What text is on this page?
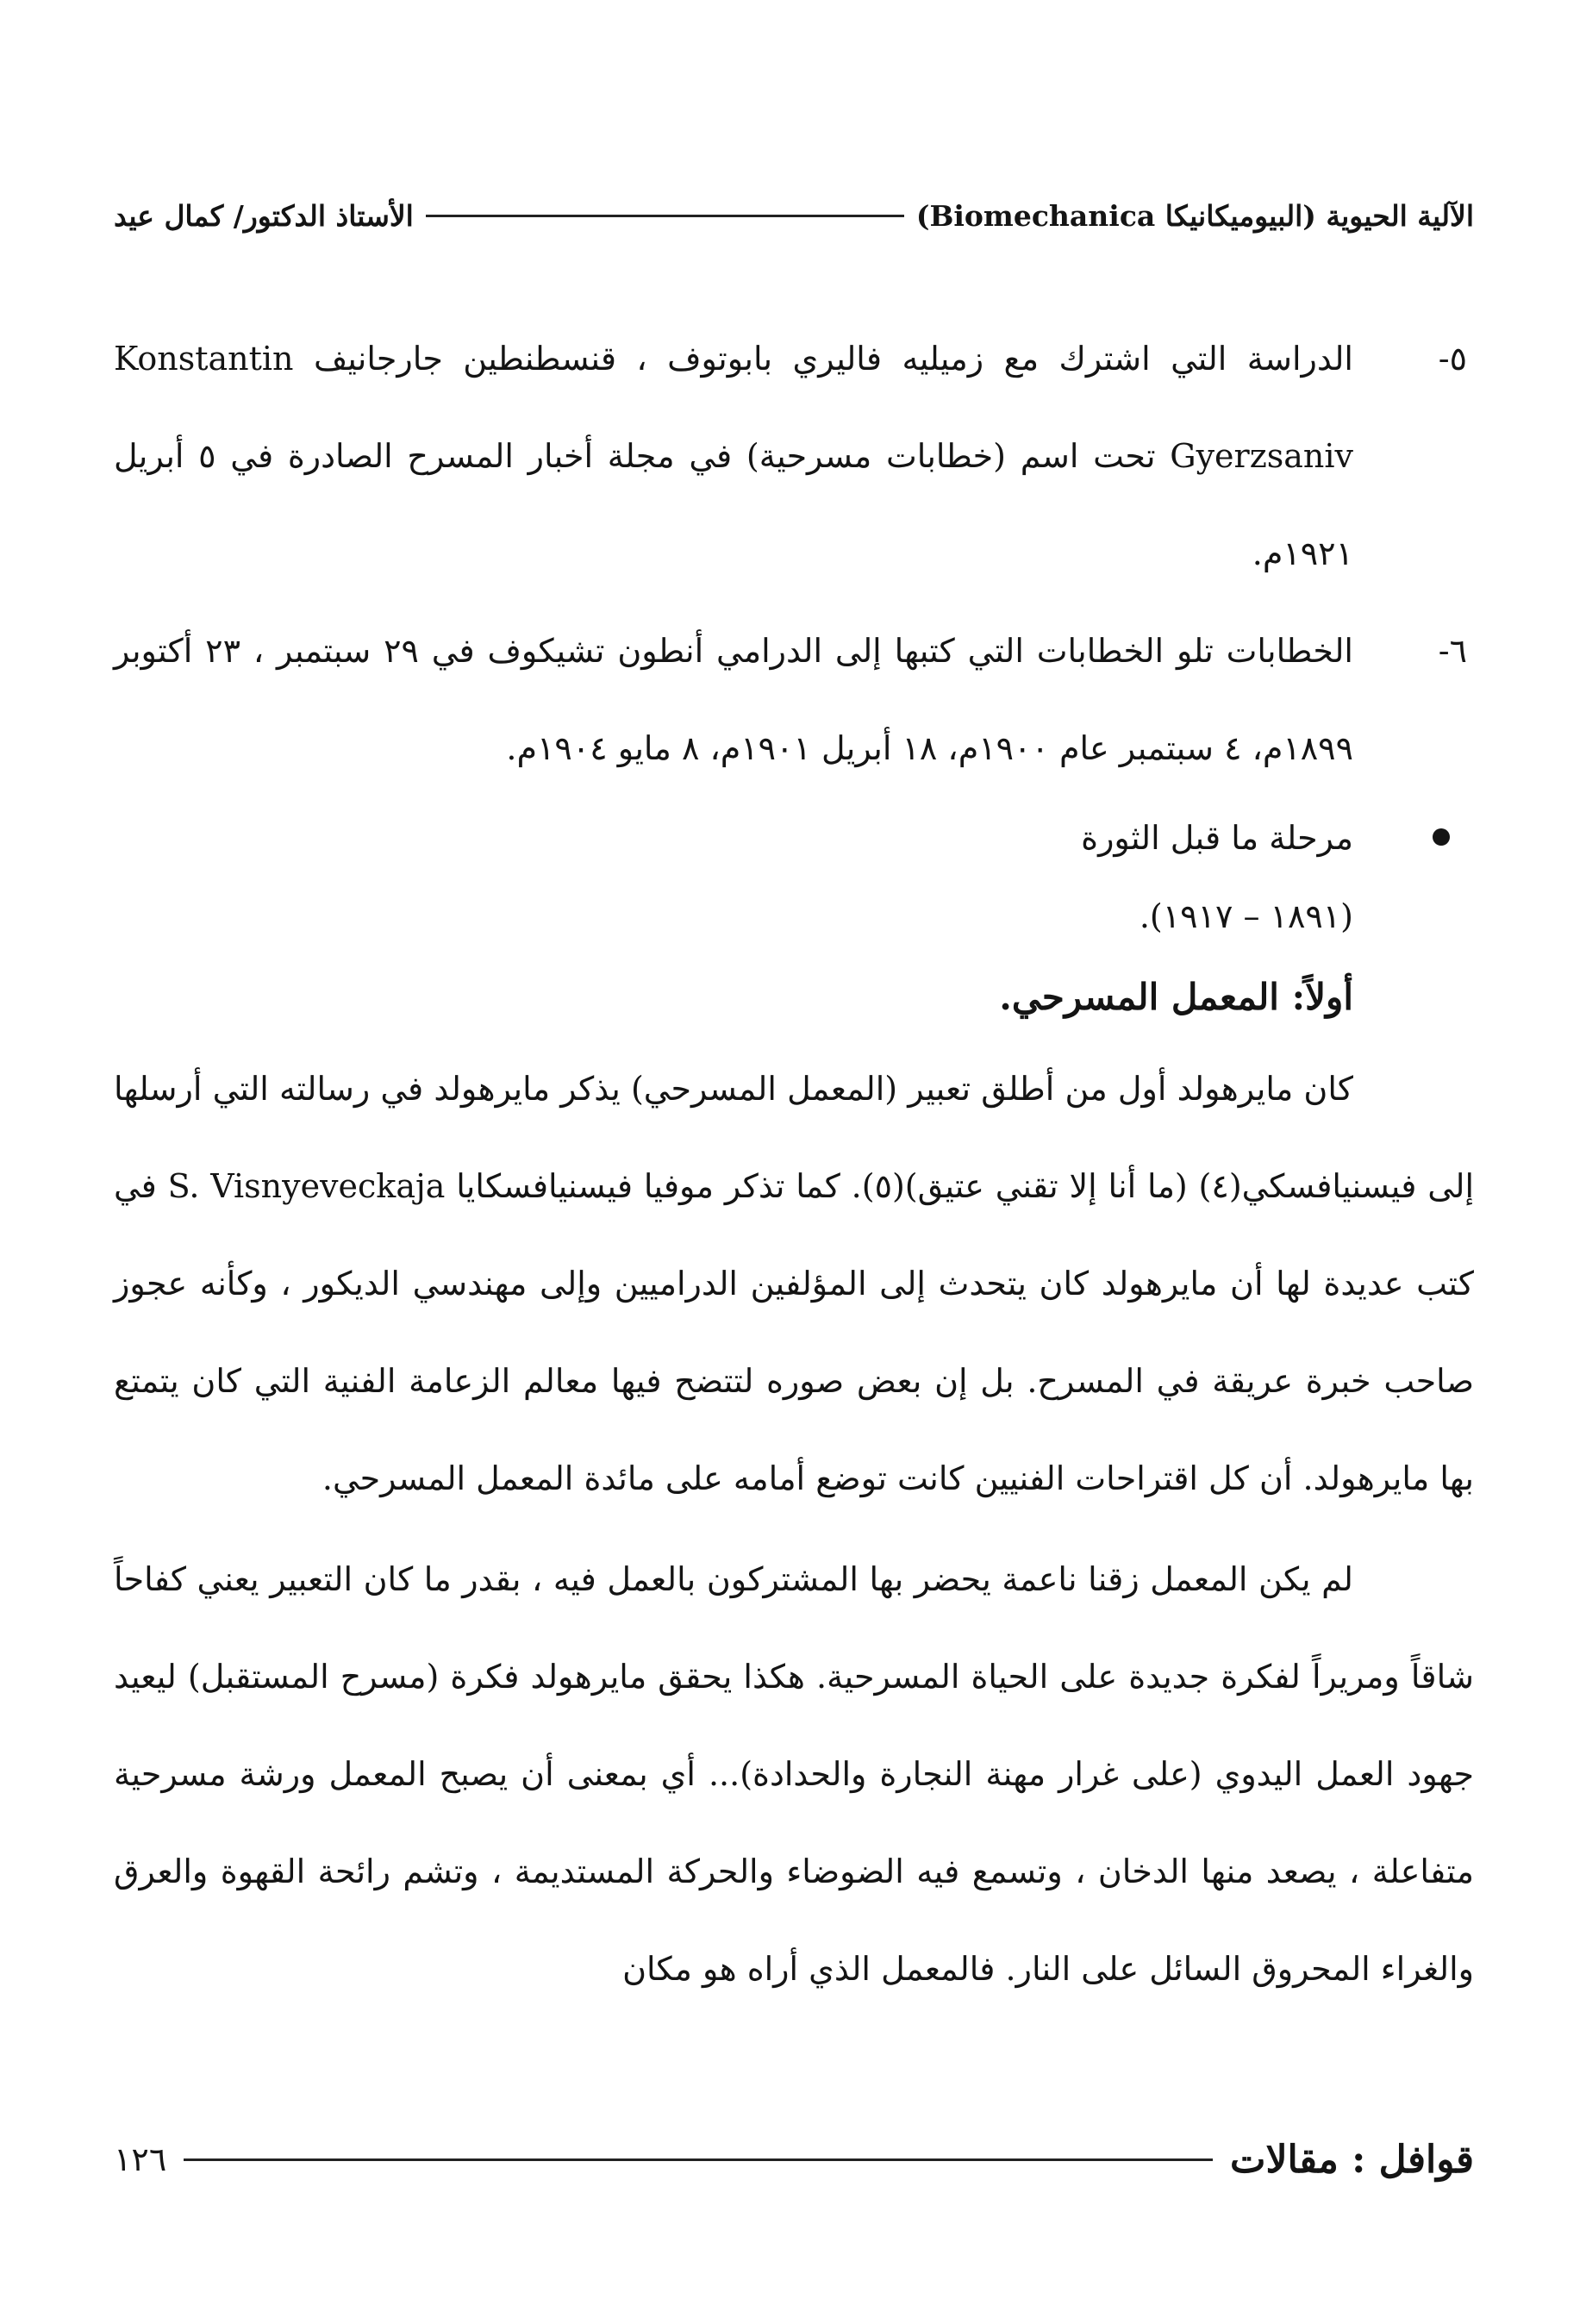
الآلية الحيوية (البيوميكانيكا Biomechanica)
الأستاذ الدكتور/ كمال عيد
٥-
الدراسة التي اشترك مع زميليه فاليري بابوتوف ، قنسطنطين جارجانيف Konstantin Gyerzsaniv تحت اسم (خطابات مسرحية) في مجلة أخبار المسرح الصادرة في ٥ أبريل ١٩٢١م.
٦-
الخطابات تلو الخطابات التي كتبها إلى الدرامي أنطون تشيكوف في ٢٩ سبتمبر ، ٢٣ أكتوبر ١٨٩٩م، ٤ سبتمبر عام ١٩٠٠م، ١٨ أبريل ١٩٠١م، ٨ مايو ١٩٠٤م.
مرحلة ما قبل الثورة
(١٨٩١ – ١٩١٧).
أولاً: المعمل المسرحي.
كان مايرهولد أول من أطلق تعبير (المعمل المسرحي) يذكر مايرهولد في رسالته التي أرسلها إلى فيسنيافسكي(٤) (ما أنا إلا تقني عتيق)(٥). كما تذكر موفيا فيسنيافسكايا S. Visnyeveckaja في كتب عديدة لها أن مايرهولد كان يتحدث إلى المؤلفين الدراميين وإلى مهندسي الديكور ، وكأنه عجوز صاحب خبرة عريقة في المسرح. بل إن بعض صوره لتتضح فيها معالم الزعامة الفنية التي كان يتمتع بها مايرهولد. أن كل اقتراحات الفنيين كانت توضع أمامه على مائدة المعمل المسرحي.
لم يكن المعمل زقنا ناعمة يحضر بها المشتركون بالعمل فيه ، بقدر ما كان التعبير يعني كفاحاً شاقاً ومريراً لفكرة جديدة على الحياة المسرحية. هكذا يحقق مايرهولد فكرة (مسرح المستقبل) ليعيد جهود العمل اليدوي (على غرار مهنة النجارة والحدادة)... أي بمعنى أن يصبح المعمل ورشة مسرحية متفاعلة ، يصعد منها الدخان ، وتسمع فيه الضوضاء والحركة المستديمة ، وتشم رائحة القهوة والعرق والغراء المحروق السائل على النار. فالمعمل الذي أراه هو مكان
قوافل : مقالات
١٢٦
